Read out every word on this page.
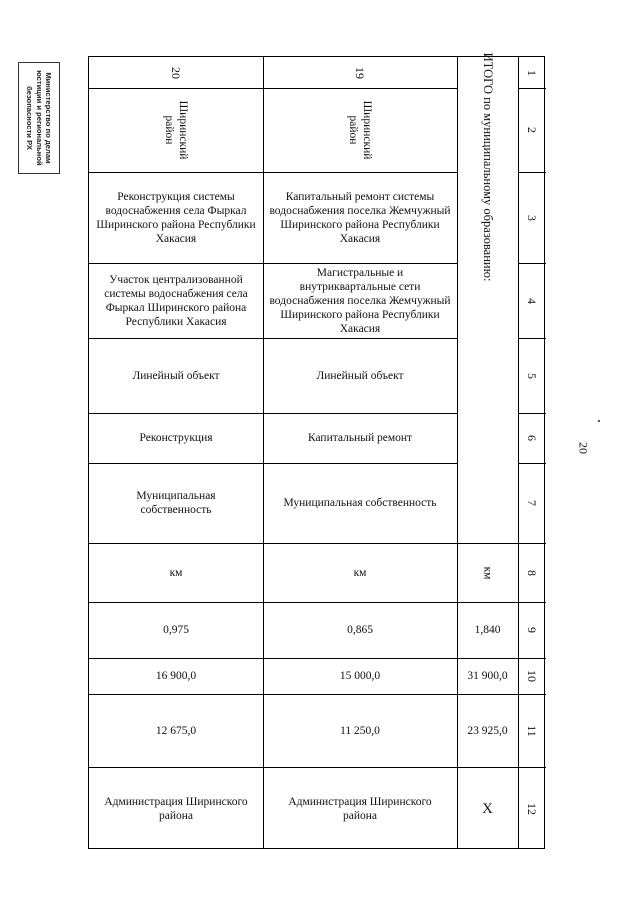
Министерство по делам
юстиции и региональной
безопасности РХ
20
1
2
3
4
5
6
7
8
9
10
11
12
ИТОГО по муниципальному образованию:
км
1,840
31 900,0
23 925,0
X
19
Ширинский район
Капитальный ремонт системы водоснабжения поселка Жемчужный Ширинского района Республики Хакасия
Магистральные и внутриквартальные сети водоснабжения поселка Жемчужный Ширинского района Республики Хакасия
Линейный объект
Капитальный ремонт
Муниципальная собственность
км
0,865
15 000,0
11 250,0
Администрация Ширинского района
20
Ширинский район
Реконструкция системы водоснабжения села Фыркал Ширинского района Республики Хакасия
Участок централизованной системы водоснабжения села Фыркал Ширинского района Республики Хакасия
Линейный объект
Реконструкция
Муниципальная собственность
км
0,975
16 900,0
12 675,0
Администрация Ширинского района
